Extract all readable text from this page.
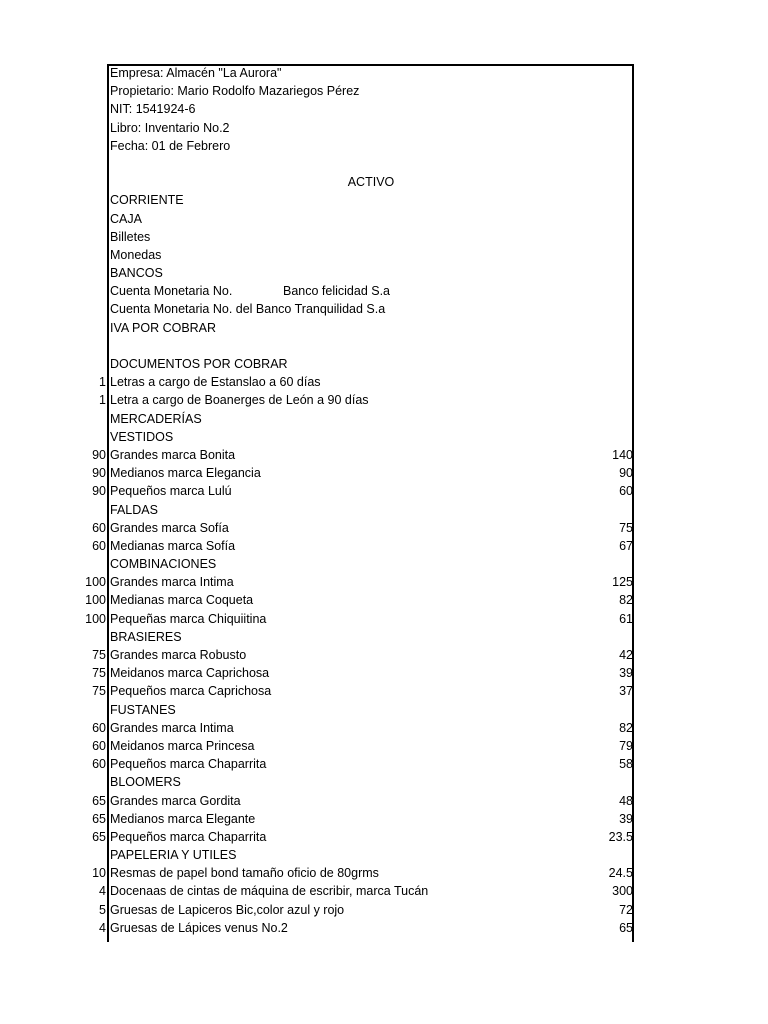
Empresa: Almacén "La Aurora"
Propietario: Mario Rodolfo Mazariegos Pérez
NIT: 1541924-6
Libro: Inventario No.2
Fecha: 01 de Febrero
ACTIVO
CORRIENTE
CAJA
Billetes
Monedas
BANCOS
Cuenta Monetaria No.	Banco felicidad S.a
Cuenta Monetaria No. del Banco Tranquilidad S.a
IVA POR COBRAR
DOCUMENTOS POR COBRAR
1 Letras a cargo de Estanslao a 60 días
1 Letra a cargo de Boanerges de León a 90 días
MERCADERÍAS
VESTIDOS
90 Grandes marca Bonita	140
90 Medianos marca Elegancia	90
90 Pequeños marca Lulú	60
FALDAS
60 Grandes marca Sofía	75
60 Medianas marca Sofía	67
COMBINACIONES
100 Grandes marca Intima	125
100 Medianas marca Coqueta	82
100 Pequeñas marca Chiquiitina	61
BRASIERES
75 Grandes marca Robusto	42
75 Meidanos marca Caprichosa	39
75 Pequeños marca Caprichosa	37
FUSTANES
60 Grandes marca Intima	82
60 Meidanos marca Princesa	79
60 Pequeños marca Chaparrita	58
BLOOMERS
65 Grandes marca Gordita	48
65 Medianos marca Elegante	39
65 Pequeños marca Chaparrita	23.5
PAPELERIA Y UTILES
10 Resmas de papel bond tamaño oficio de 80grms	24.5
4 Docenaas de cintas de máquina de escribir, marca Tucán	300
5 Gruesas de Lapiceros Bic,color azul y rojo	72
4 Gruesas de Lápices venus No.2	65
